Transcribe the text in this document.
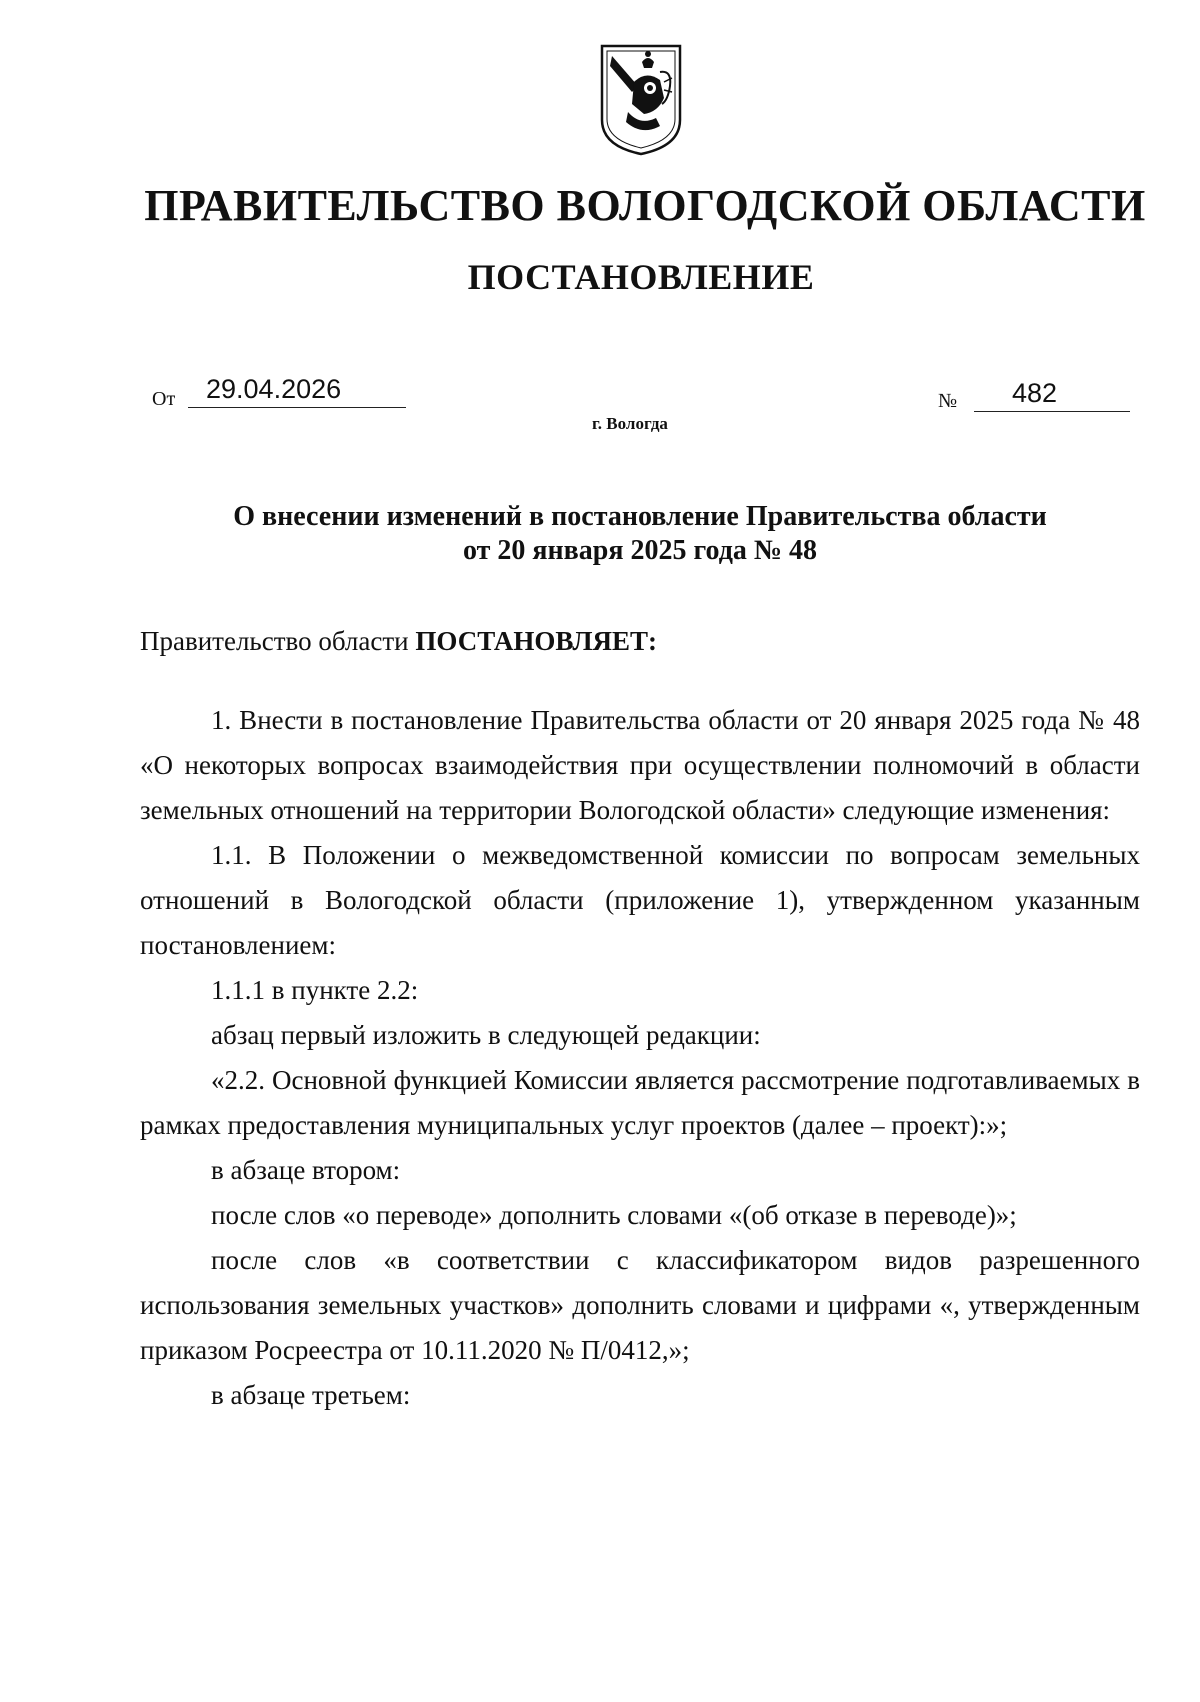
ПРАВИТЕЛЬСТВО ВОЛОГОДСКОЙ ОБЛАСТИ
ПОСТАНОВЛЕНИЕ
От	29.04.2026	№	482
г. Вологда
О внесении изменений в постановление Правительства области
от 20 января 2025 года № 48
Правительство области ПОСТАНОВЛЯЕТ:

1. Внести в постановление Правительства области от 20 января 2025 года № 48 «О некоторых вопросах взаимодействия при осуществлении полномочий в области земельных отношений на территории Вологодской области» следующие изменения:

1.1. В Положении о межведомственной комиссии по вопросам земельных отношений в Вологодской области (приложение 1), утвержденном указанным постановлением:

1.1.1 в пункте 2.2:

абзац первый изложить в следующей редакции:

«2.2. Основной функцией Комиссии является рассмотрение подготавливаемых в рамках предоставления муниципальных услуг проектов (далее – проект):»;

в абзаце втором:

после слов «о переводе» дополнить словами «(об отказе в переводе)»;

после слов «в соответствии с классификатором видов разрешенного использования земельных участков» дополнить словами и цифрами «, утвержденным приказом Росреестра от 10.11.2020 № П/0412,»;

в абзаце третьем:
